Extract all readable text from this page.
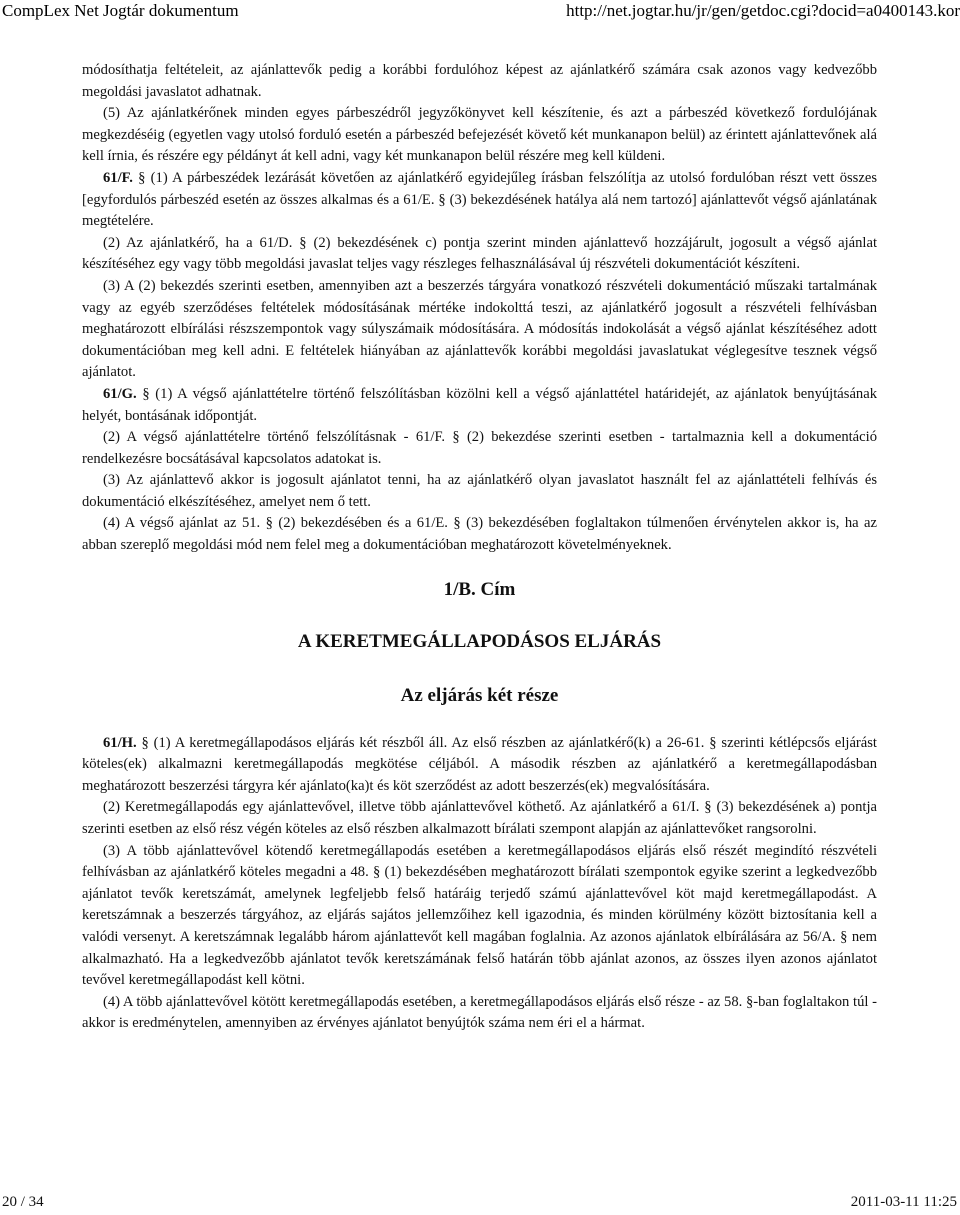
CompLex Net Jogtár dokumentum	http://net.jogtar.hu/jr/gen/getdoc.cgi?docid=a0400143.kor

módosíthatja feltételeit, az ajánlattevők pedig a korábbi fordulóhoz képest az ajánlatkérő számára csak azonos vagy kedvezőbb megoldási javaslatot adhatnak.

(5) Az ajánlatkérőnek minden egyes párbeszédről jegyzőkönyvet kell készítenie, és azt a párbeszéd következő fordulójának megkezdéséig (egyetlen vagy utolsó forduló esetén a párbeszéd befejezését követő két munkanapon belül) az érintett ajánlattevőnek alá kell írnia, és részére egy példányt át kell adni, vagy két munkanapon belül részére meg kell küldeni.

61/F. § (1) A párbeszédek lezárását követően az ajánlatkérő egyidejűleg írásban felszólítja az utolsó fordulóban részt vett összes [egyfordulós párbeszéd esetén az összes alkalmas és a 61/E. § (3) bekezdésének hatálya alá nem tartozó] ajánlattevőt végső ajánlatának megtételére.

(2) Az ajánlatkérő, ha a 61/D. § (2) bekezdésének c) pontja szerint minden ajánlattevő hozzájárult, jogosult a végső ajánlat készítéséhez egy vagy több megoldási javaslat teljes vagy részleges felhasználásával új részvételi dokumentációt készíteni.

(3) A (2) bekezdés szerinti esetben, amennyiben azt a beszerzés tárgyára vonatkozó részvételi dokumentáció műszaki tartalmának vagy az egyéb szerződéses feltételek módosításának mértéke indokolttá teszi, az ajánlatkérő jogosult a részvételi felhívásban meghatározott elbírálási részszempontok vagy súlyszámaik módosítására. A módosítás indokolását a végső ajánlat készítéséhez adott dokumentációban meg kell adni. E feltételek hiányában az ajánlattevők korábbi megoldási javaslatukat véglegesítve tesznek végső ajánlatot.

61/G. § (1) A végső ajánlattételre történő felszólításban közölni kell a végső ajánlattétel határidejét, az ajánlatok benyújtásának helyét, bontásának időpontját.

(2) A végső ajánlattételre történő felszólításnak - 61/F. § (2) bekezdése szerinti esetben - tartalmaznia kell a dokumentáció rendelkezésre bocsátásával kapcsolatos adatokat is.

(3) Az ajánlattevő akkor is jogosult ajánlatot tenni, ha az ajánlatkérő olyan javaslatot használt fel az ajánlattételi felhívás és dokumentáció elkészítéséhez, amelyet nem ő tett.

(4) A végső ajánlat az 51. § (2) bekezdésében és a 61/E. § (3) bekezdésében foglaltakon túlmenően érvénytelen akkor is, ha az abban szereplő megoldási mód nem felel meg a dokumentációban meghatározott követelményeknek.

1/B. Cím
A KERETMEGÁLLAPODÁSOS ELJÁRÁS
Az eljárás két része

61/H. § (1) A keretmegállapodásos eljárás két részből áll. Az első részben az ajánlatkérő(k) a 26-61. § szerinti kétlépcsős eljárást köteles(ek) alkalmazni keretmegállapodás megkötése céljából. A második részben az ajánlatkérő a keretmegállapodásban meghatározott beszerzési tárgyra kér ajánlato(ka)t és köt szerződést az adott beszerzés(ek) megvalósítására.

(2) Keretmegállapodás egy ajánlattevővel, illetve több ajánlattevővel köthető. Az ajánlatkérő a 61/I. § (3) bekezdésének a) pontja szerinti esetben az első rész végén köteles az első részben alkalmazott bírálati szempont alapján az ajánlattevőket rangsorolni.

(3) A több ajánlattevővel kötendő keretmegállapodás esetében a keretmegállapodásos eljárás első részét megindító részvételi felhívásban az ajánlatkérő köteles megadni a 48. § (1) bekezdésében meghatározott bírálati szempontok egyike szerint a legkedvezőbb ajánlatot tevők keretszámát, amelynek legfeljebb felső határáig terjedő számú ajánlattevővel köt majd keretmegállapodást. A keretszámnak a beszerzés tárgyához, az eljárás sajátos jellemzőihez kell igazodnia, és minden körülmény között biztosítania kell a valódi versenyt. A keretszámnak legalább három ajánlattevőt kell magában foglalnia. Az azonos ajánlatok elbírálására az 56/A. § nem alkalmazható. Ha a legkedvezőbb ajánlatot tevők keretszámának felső határán több ajánlat azonos, az összes ilyen azonos ajánlatot tevővel keretmegállapodást kell kötni.

(4) A több ajánlattevővel kötött keretmegállapodás esetében, a keretmegállapodásos eljárás első része - az 58. §-ban foglaltakon túl - akkor is eredménytelen, amennyiben az érvényes ajánlatot benyújtók száma nem éri el a hármat.

20 / 34	2011-03-11 11:25
